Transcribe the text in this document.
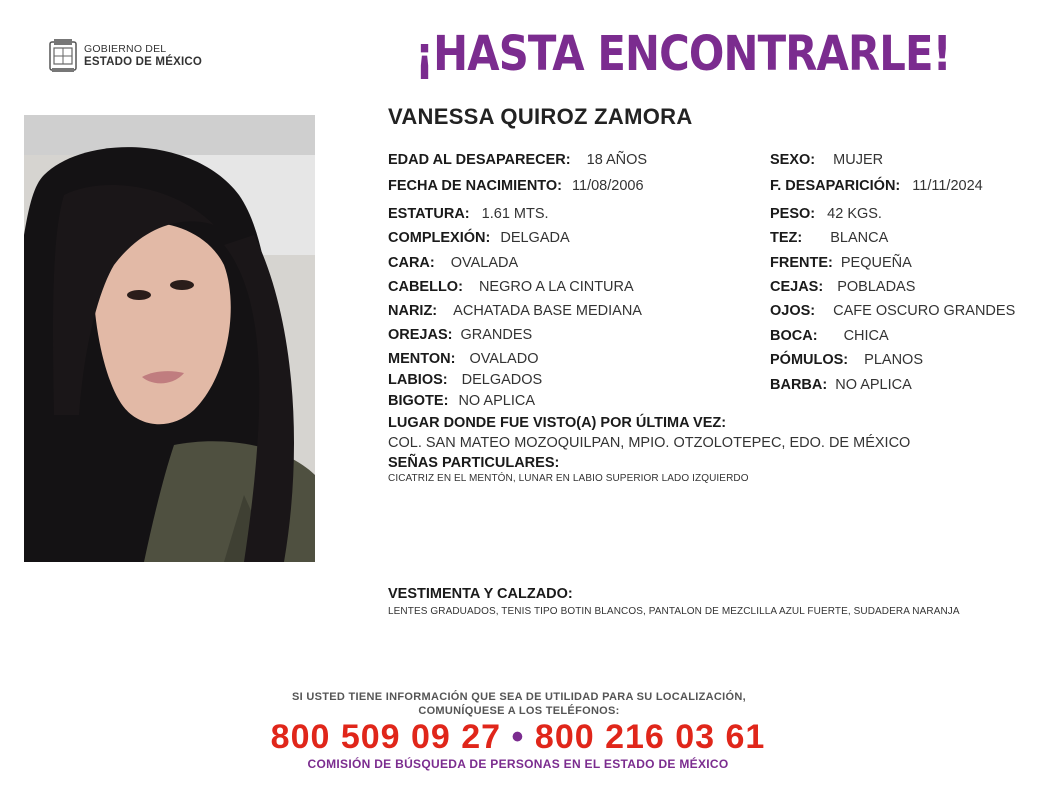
GOBIERNO DEL
ESTADO DE MÉXICO	¡HASTA ENCONTRARLE!
VANESSA QUIROZ ZAMORA
EDAD AL DESAPARECER: 18 AÑOS
FECHA DE NACIMIENTO: 11/08/2006
ESTATURA: 1.61 MTS.
COMPLEXIÓN: DELGADA
CARA: OVALADA
CABELLO: NEGRO A LA CINTURA
NARIZ: ACHATADA BASE MEDIANA
OREJAS: GRANDES
MENTON: OVALADO
LABIOS: DELGADOS
BIGOTE: NO APLICA
SEXO: MUJER
F. DESAPARICIÓN: 11/11/2024
PESO: 42 KGS.
TEZ: BLANCA
FRENTE: PEQUEÑA
CEJAS: POBLADAS
OJOS: CAFE OSCURO GRANDES
BOCA: CHICA
PÓMULOS: PLANOS
BARBA: NO APLICA
LUGAR DONDE FUE VISTO(A) POR ÚLTIMA VEZ:
COL. SAN MATEO MOZOQUILPAN, MPIO. OTZOLOTEPEC, EDO. DE MÉXICO
SEÑAS PARTICULARES:
CICATRIZ EN EL MENTÓN, LUNAR EN LABIO SUPERIOR LADO IZQUIERDO
VESTIMENTA Y CALZADO:
LENTES GRADUADOS, TENIS TIPO BOTIN BLANCOS, PANTALON DE MEZCLILLA AZUL FUERTE, SUDADERA NARANJA
SI USTED TIENE INFORMACIÓN QUE SEA DE UTILIDAD PARA SU LOCALIZACIÓN,
COMUNÍQUESE A LOS TELÉFONOS:
800 509 09 27 • 800 216 03 61
COMISIÓN DE BÚSQUEDA DE PERSONAS EN EL ESTADO DE MÉXICO
